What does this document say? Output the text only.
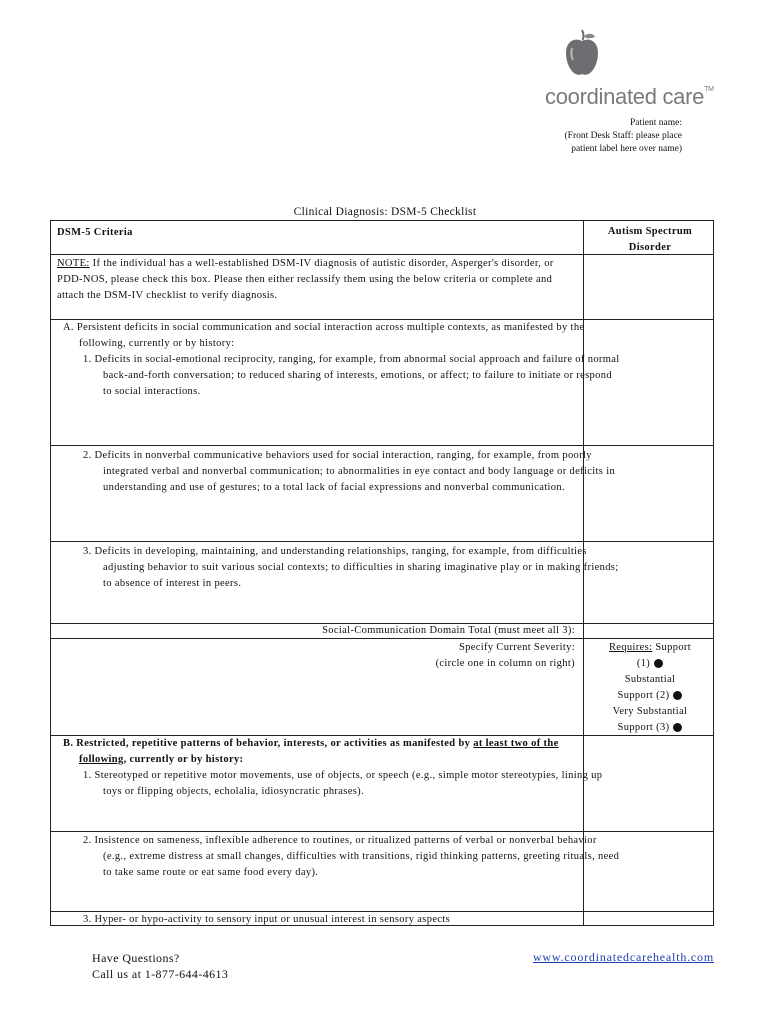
coordinated care™
Patient name:
(Front Desk Staff: please place
patient label here over name)
Clinical Diagnosis: DSM-5 Checklist
DSM-5 Criteria	Autism Spectrum
Disorder
NOTE: If the individual has a well-established DSM-IV diagnosis of autistic disorder, Asperger's disorder, or PDD-NOS, please check this box. Please then either reclassify them using the below criteria or complete and attach the DSM-IV checklist to verify diagnosis.
A. Persistent deficits in social communication and social interaction across multiple contexts, as manifested by the following, currently or by history:
1. Deficits in social-emotional reciprocity, ranging, for example, from abnormal social approach and failure of normal back-and-forth conversation; to reduced sharing of interests, emotions, or affect; to failure to initiate or respond to social interactions.
2. Deficits in nonverbal communicative behaviors used for social interaction, ranging, for example, from poorly integrated verbal and nonverbal communication; to abnormalities in eye contact and body language or deficits in understanding and use of gestures; to a total lack of facial expressions and nonverbal communication.
3. Deficits in developing, maintaining, and understanding relationships, ranging, for example, from difficulties adjusting behavior to suit various social contexts; to difficulties in sharing imaginative play or in making friends; to absence of interest in peers.
Social-Communication Domain Total (must meet all 3):
Specify Current Severity:
(circle one in column on right)
Requires: Support
(1)
Substantial
Support (2)
Very Substantial
Support (3)
B. Restricted, repetitive patterns of behavior, interests, or activities as manifested by at least two of the following, currently or by history:
1. Stereotyped or repetitive motor movements, use of objects, or speech (e.g., simple motor stereotypies, lining up toys or flipping objects, echolalia, idiosyncratic phrases).
2. Insistence on sameness, inflexible adherence to routines, or ritualized patterns of verbal or nonverbal behavior (e.g., extreme distress at small changes, difficulties with transitions, rigid thinking patterns, greeting rituals, need to take same route or eat same food every day).
3. Hyper- or hypo-activity to sensory input or unusual interest in sensory aspects
Have Questions?
Call us at 1-877-644-4613
www.coordinatedcarehealth.com
